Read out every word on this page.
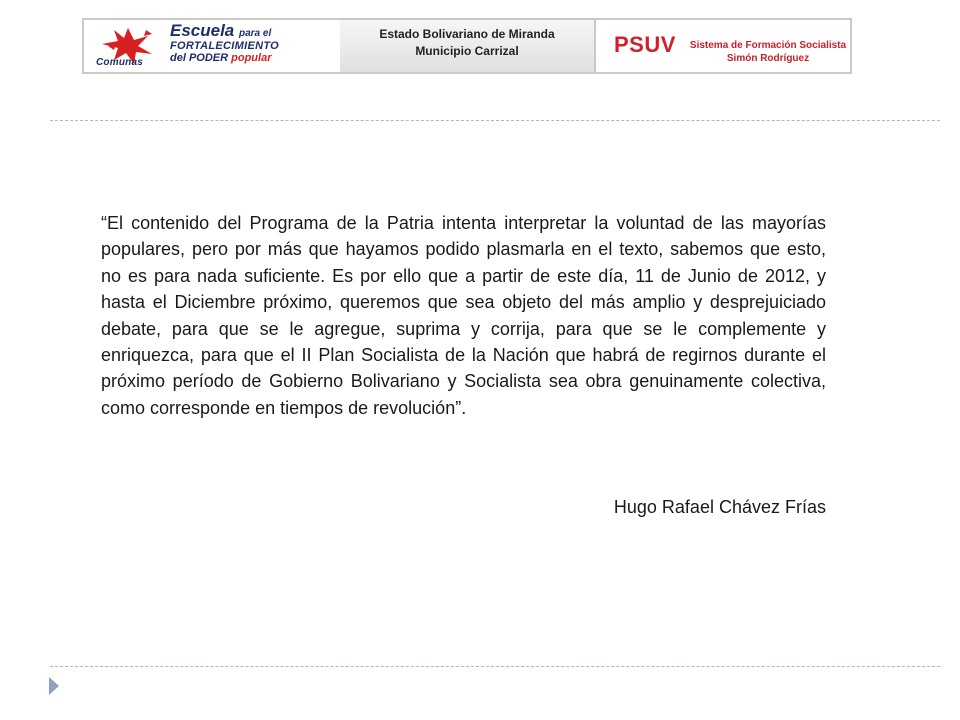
Comunas
Escuela para el
FORTALECIMIENTO
del PODER popular
Estado Bolivariano de Miranda
Municipio Carrizal	PSUV Sistema de Formación Socialista
Simón Rodríguez

“El contenido del Programa de la Patria intenta interpretar la voluntad de las mayorías populares, pero por más que hayamos podido plasmarla en el texto, sabemos que esto, no es para nada suficiente. Es por ello que a partir de este día, 11 de Junio de 2012, y hasta el Diciembre próximo, queremos que sea objeto del más amplio y desprejuiciado debate, para que se le agregue, suprima y corrija, para que se le complemente y enriquezca, para que el II Plan Socialista de la Nación que habrá de regirnos durante el próximo período de Gobierno Bolivariano y Socialista sea obra genuinamente colectiva, como corresponde en tiempos de revolución”.

Hugo Rafael Chávez Frías
